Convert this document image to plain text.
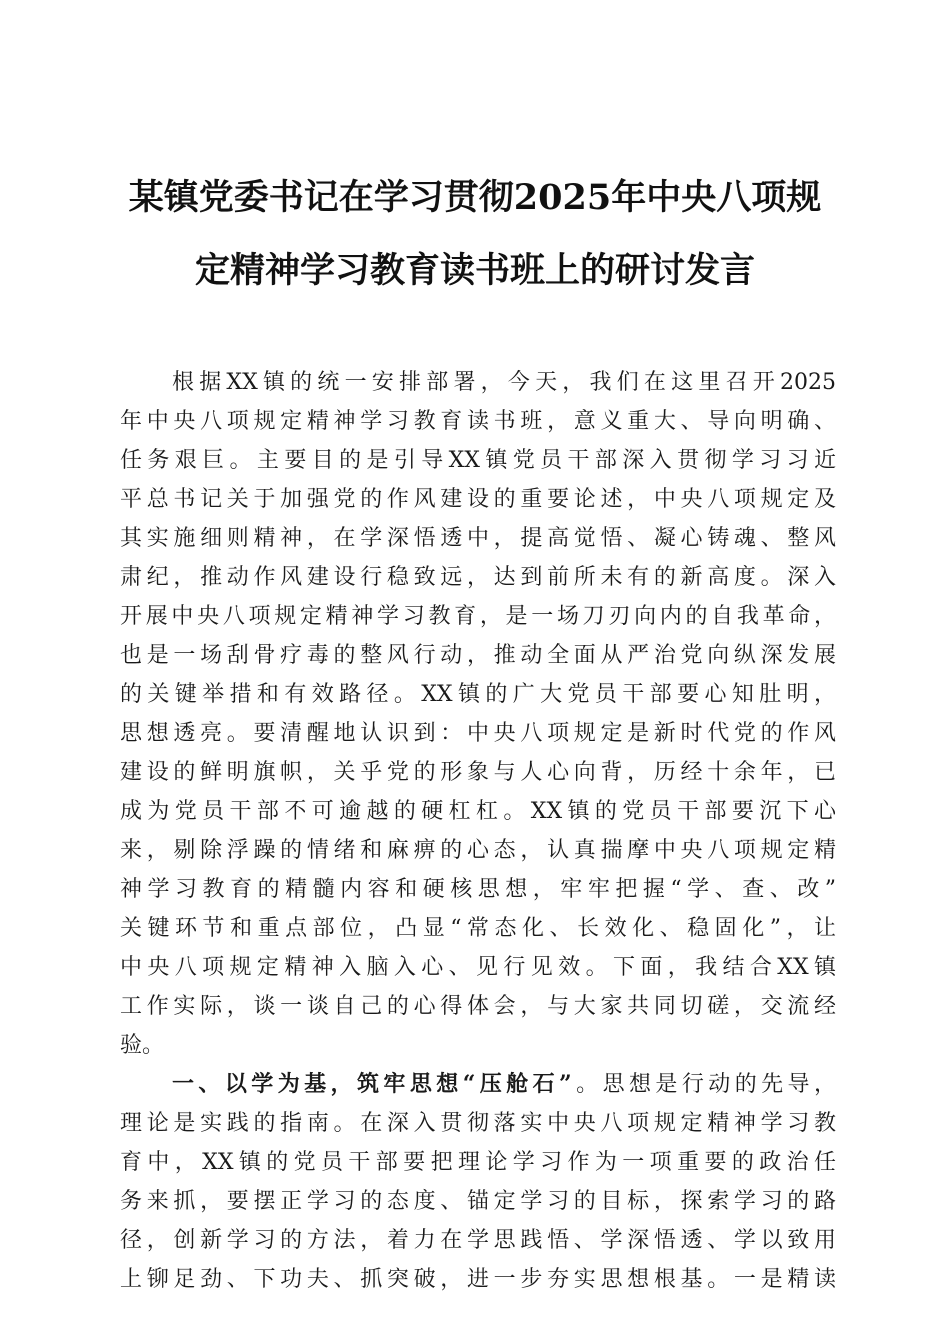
某镇党委书记在学习贯彻2025年中央八项规
定精神学习教育读书班上的研讨发言
根据XX镇的统一安排部署，今天，我们在这里召开2025
年中央八项规定精神学习教育读书班，意义重大、导向明确、
任务艰巨。主要目的是引导XX镇党员干部深入贯彻学习习近
平总书记关于加强党的作风建设的重要论述，中央八项规定及
其实施细则精神，在学深悟透中，提高觉悟、凝心铸魂、整风
肃纪，推动作风建设行稳致远，达到前所未有的新高度。深入
开展中央八项规定精神学习教育，是一场刀刃向内的自我革命，
也是一场刮骨疗毒的整风行动，推动全面从严治党向纵深发展
的关键举措和有效路径。XX镇的广大党员干部要心知肚明，
思想透亮。要清醒地认识到：中央八项规定是新时代党的作风
建设的鲜明旗帜，关乎党的形象与人心向背，历经十余年，已
成为党员干部不可逾越的硬杠杠。XX镇的党员干部要沉下心
来，剔除浮躁的情绪和麻痹的心态，认真揣摩中央八项规定精
神学习教育的精髓内容和硬核思想，牢牢把握“学、查、改”
关键环节和重点部位，凸显“常态化、长效化、稳固化”，让
中央八项规定精神入脑入心、见行见效。下面，我结合XX镇
工作实际，谈一谈自己的心得体会，与大家共同切磋，交流经
验。
一、以学为基，筑牢思想“压舱石”。思想是行动的先导，
理论是实践的指南。在深入贯彻落实中央八项规定精神学习教
育中，XX镇的党员干部要把理论学习作为一项重要的政治任
务来抓，要摆正学习的态度、锚定学习的目标，探索学习的路
径，创新学习的方法，着力在学思践悟、学深悟透、学以致用
上铆足劲、下功夫、抓突破，进一步夯实思想根基。一是精读
